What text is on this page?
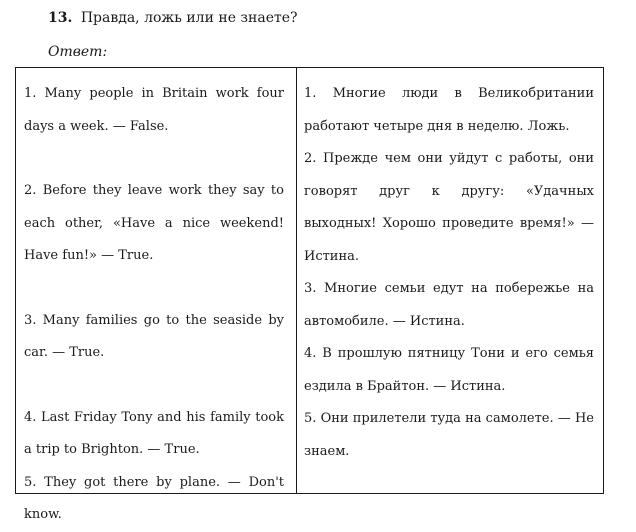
13. Правда, ложь или не знаете?
Ответ:

1. Many people in Britain work four days a week. — False.

2. Before they leave work they say to each other, «Have a nice weekend! Have fun!» — True.

3. Many families go to the seaside by car. — True.

4. Last Friday Tony and his family took a trip to Brighton. — True.

5. They got there by plane. — Don't know.

1. Многие люди в Великобритании работают четыре дня в неделю. Ложь.

2. Прежде чем они уйдут с работы, они говорят друг к другу: «Удачных выходных! Хорошо проведите время!» — Истина.

3. Многие семьи едут на побережье на автомобиле. — Истина.

4. В прошлую пятницу Тони и его семья ездила в Брайтон. — Истина.

5. Они прилетели туда на самолете. — Не знаем.
